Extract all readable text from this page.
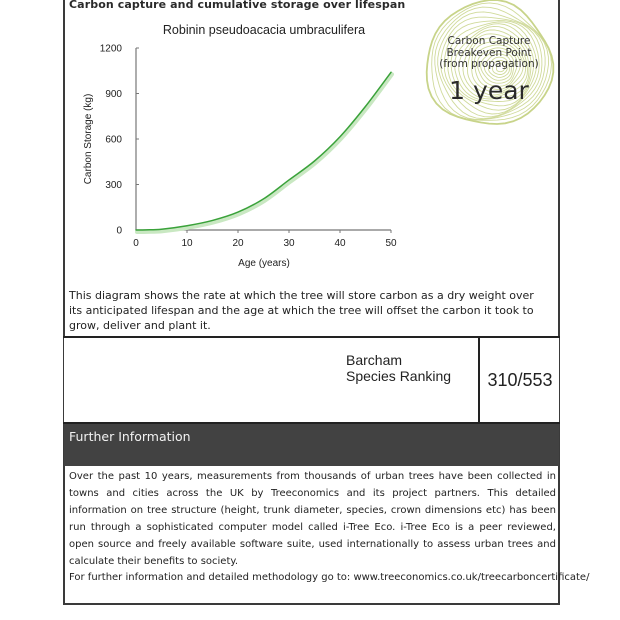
Carbon capture and cumulative storage over lifespan
Robinin pseudoacacia umbraculifera
0
300
600
900
1200
0	10	20	30	40	50
Carbon Storage (kg)
Age (years)
Carbon Capture
Breakeven Point
(from propagation)
1 year
This diagram shows the rate at which the tree will store carbon as a dry weight over its anticipated lifespan and the age at which the tree will offset the carbon it took to grow, deliver and plant it.
Barcham
Species Ranking	310/553
Further Information
Over the past 10 years, measurements from thousands of urban trees have been collected in towns and cities across the UK by Treeconomics and its project partners. This detailed information on tree structure (height, trunk diameter, species, crown dimensions etc) has been run through a sophisticated computer model called i-Tree Eco. i-Tree Eco is a peer reviewed, open source and freely available software suite, used internationally to assess urban trees and calculate their benefits to society.
For further information and detailed methodology go to: www.treeconomics.co.uk/treecarboncertificate/
